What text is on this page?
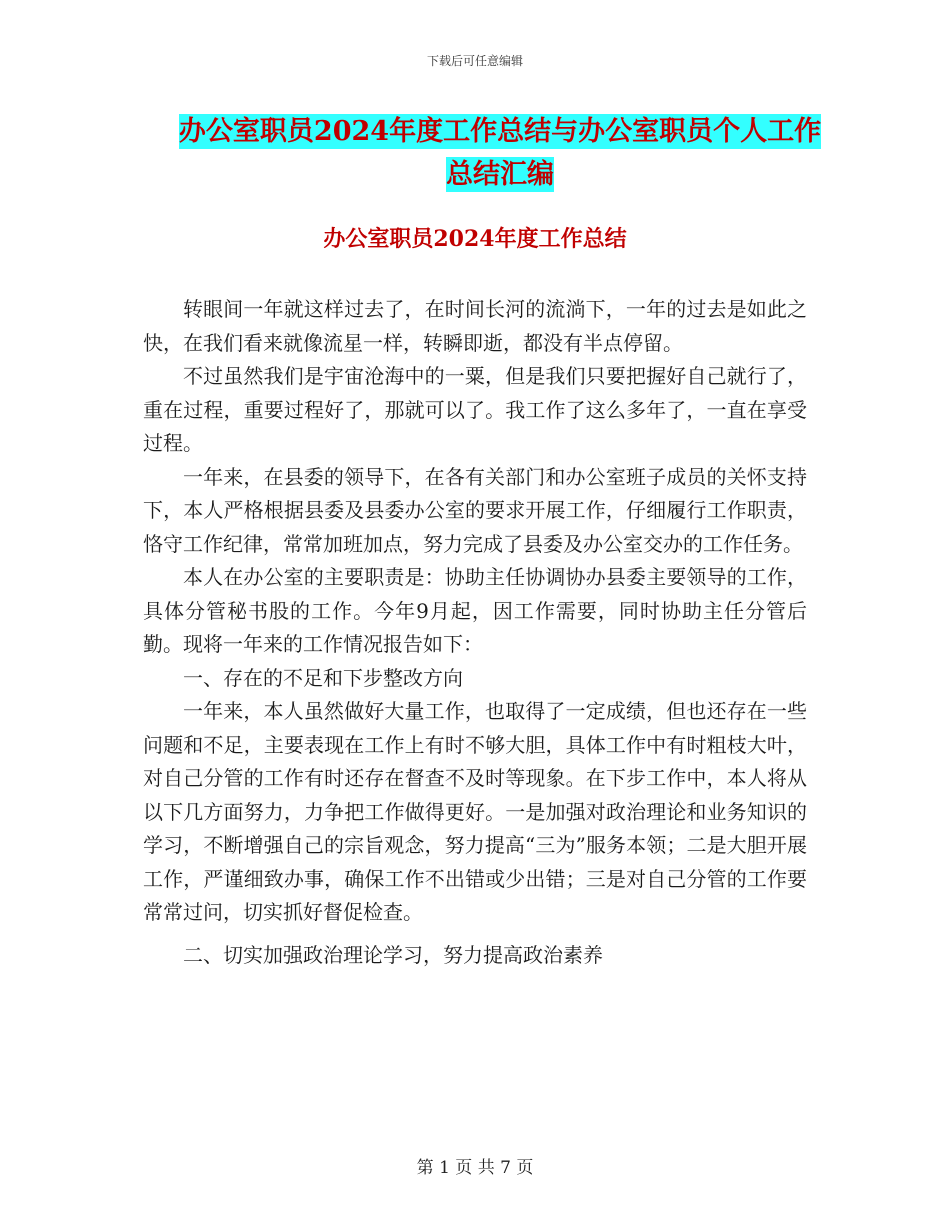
下载后可任意编辑
办公室职员2024年度工作总结与办公室职员个人工作
总结汇编
办公室职员2024年度工作总结

转眼间一年就这样过去了，在时间长河的流淌下，一年的过去是如此之快，在我们看来就像流星一样，转瞬即逝，都没有半点停留。

不过虽然我们是宇宙沧海中的一粟，但是我们只要把握好自己就行了，重在过程，重要过程好了，那就可以了。我工作了这么多年了，一直在享受过程。

一年来，在县委的领导下，在各有关部门和办公室班子成员的关怀支持下，本人严格根据县委及县委办公室的要求开展工作，仔细履行工作职责，恪守工作纪律，常常加班加点，努力完成了县委及办公室交办的工作任务。

本人在办公室的主要职责是：协助主任协调协办县委主要领导的工作，具体分管秘书股的工作。今年9月起，因工作需要，同时协助主任分管后勤。现将一年来的工作情况报告如下：

一、存在的不足和下步整改方向

一年来，本人虽然做好大量工作，也取得了一定成绩，但也还存在一些问题和不足，主要表现在工作上有时不够大胆，具体工作中有时粗枝大叶，对自己分管的工作有时还存在督查不及时等现象。在下步工作中，本人将从以下几方面努力，力争把工作做得更好。一是加强对政治理论和业务知识的学习，不断增强自己的宗旨观念，努力提高“三为”服务本领；二是大胆开展工作，严谨细致办事，确保工作不出错或少出错；三是对自己分管的工作要常常过问，切实抓好督促检查。

二、切实加强政治理论学习，努力提高政治素养

第 1 页 共 7 页
